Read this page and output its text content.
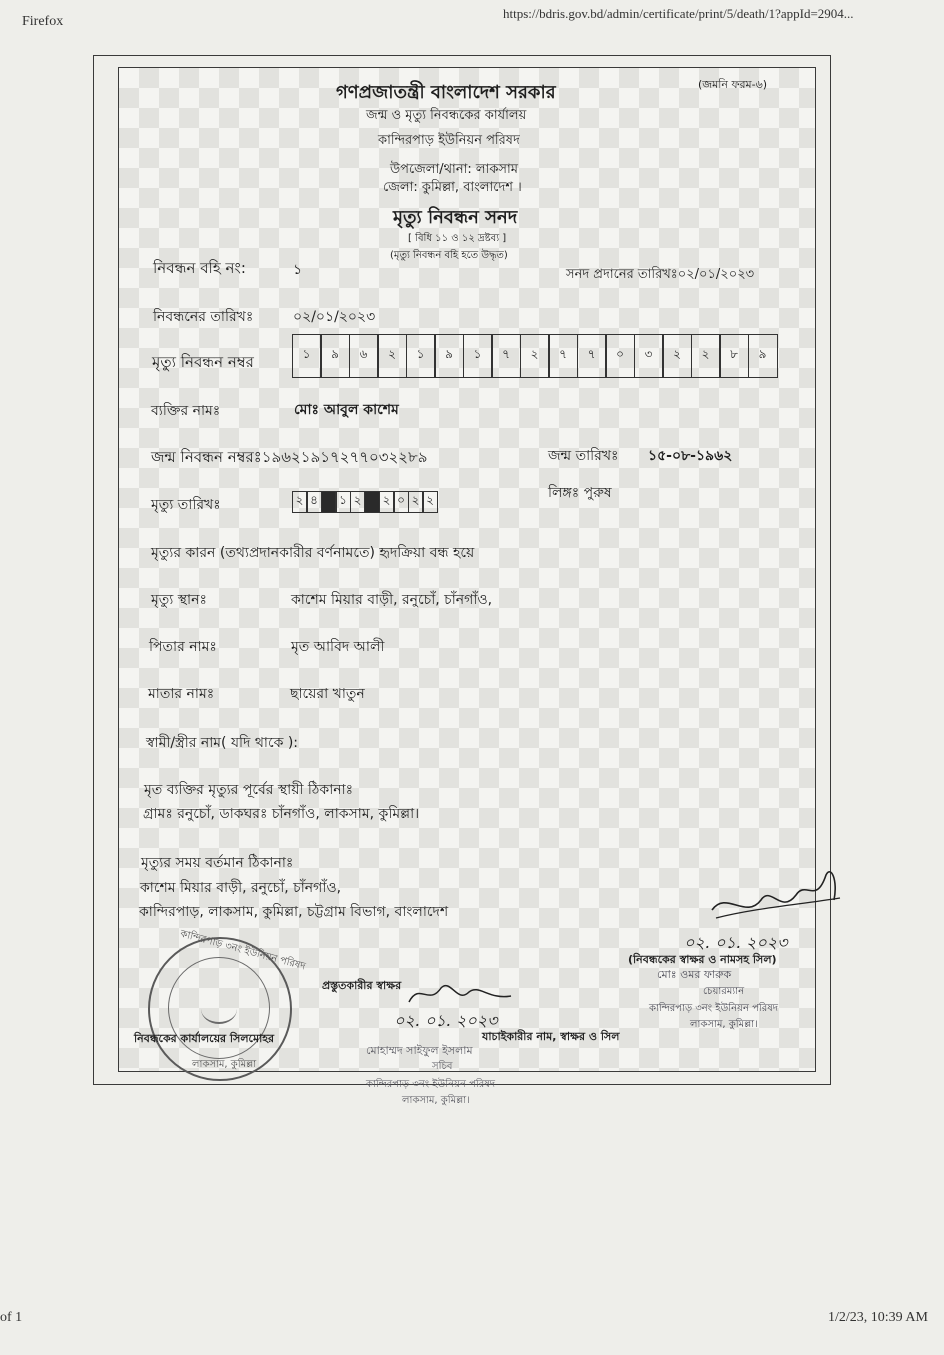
Firefox
https://bdris.gov.bd/admin/certificate/print/5/death/1?appId=2904...
of 1	1/2/23, 10:39 AM
(জমনি ফরম-৬)
গণপ্রজাতন্ত্রী বাংলাদেশ সরকার
জন্ম ও মৃত্যু নিবন্ধকের কার্যালয়
কান্দিরপাড় ইউনিয়ন পরিষদ
উপজেলা/থানা: লাকসাম
জেলা: কুমিল্লা, বাংলাদেশ ।
মৃত্যু নিবন্ধন সনদ
[ বিধি ১১ ও ১২ দ্রষ্টব্য ]
(মৃত্যু নিবন্ধন বহি হতে উদ্ধৃত)
নিবন্ধন বহি নং:	১	সনদ প্রদানের তারিখঃ০২/০১/২০২৩
নিবন্ধনের তারিখঃ	০২/০১/২০২৩
মৃত্যু নিবন্ধন নম্বর	১	৯	৬	২	১	৯	১	৭	২	৭	৭	০	৩	২	২	৮	৯
ব্যক্তির নামঃ	মোঃ আবুল কাশেম
জন্ম নিবন্ধন নম্বরঃ১৯৬২১৯১৭২৭৭০৩২২৮৯	জন্ম তারিখঃ ১৫-০৮-১৯৬২
মৃত্যু তারিখঃ	২ ৪	১ ২	২ ০ ২ ২	লিঙ্গঃ পুরুষ
মৃত্যুর কারন (তথ্যপ্রদানকারীর বর্ণনামতে) হৃদক্রিয়া বন্ধ হয়ে
মৃত্যু স্থানঃ	কাশেম মিয়ার বাড়ী, রনুচোঁ, চাঁনগাঁও,
পিতার নামঃ	মৃত আবিদ আলী
মাতার নামঃ	ছায়েরা খাতুন
স্বামী/স্ত্রীর নাম( যদি থাকে ):
মৃত ব্যক্তির মৃত্যুর পূর্বের স্থায়ী ঠিকানাঃ
গ্রামঃ রনুচোঁ, ডাকঘরঃ চাঁনগাঁও, লাকসাম, কুমিল্লা।
মৃত্যুর সময় বর্তমান ঠিকানাঃ
কাশেম মিয়ার বাড়ী, রনুচোঁ, চাঁনগাঁও,
কান্দিরপাড়, লাকসাম, কুমিল্লা, চট্টগ্রাম বিভাগ, বাংলাদেশ
০২. ০১. ২০২৩
(নিবন্ধকের স্বাক্ষর ও নামসহ সিল)
মোঃ ওমর ফারুক
চেয়ারম্যান
কান্দিরপাড় ৩নং ইউনিয়ন পরিষদ
লাকসাম, কুমিল্লা।
প্রস্তুতকারীর স্বাক্ষর
০২. ০১. ২০২৩
যাচাইকারীর নাম, স্বাক্ষর ও সিল
মোহাম্মদ সাইফুল ইসলাম
সচিব
কান্দিরপাড় ৩নং ইউনিয়ন পরিষদ
লাকসাম, কুমিল্লা।
কান্দিরপাড় ৩নং ইউনিয়ন পরিষদ
লাকসাম, কুমিল্লা
নিবন্ধকের কার্যালয়ের সিলমোহর
